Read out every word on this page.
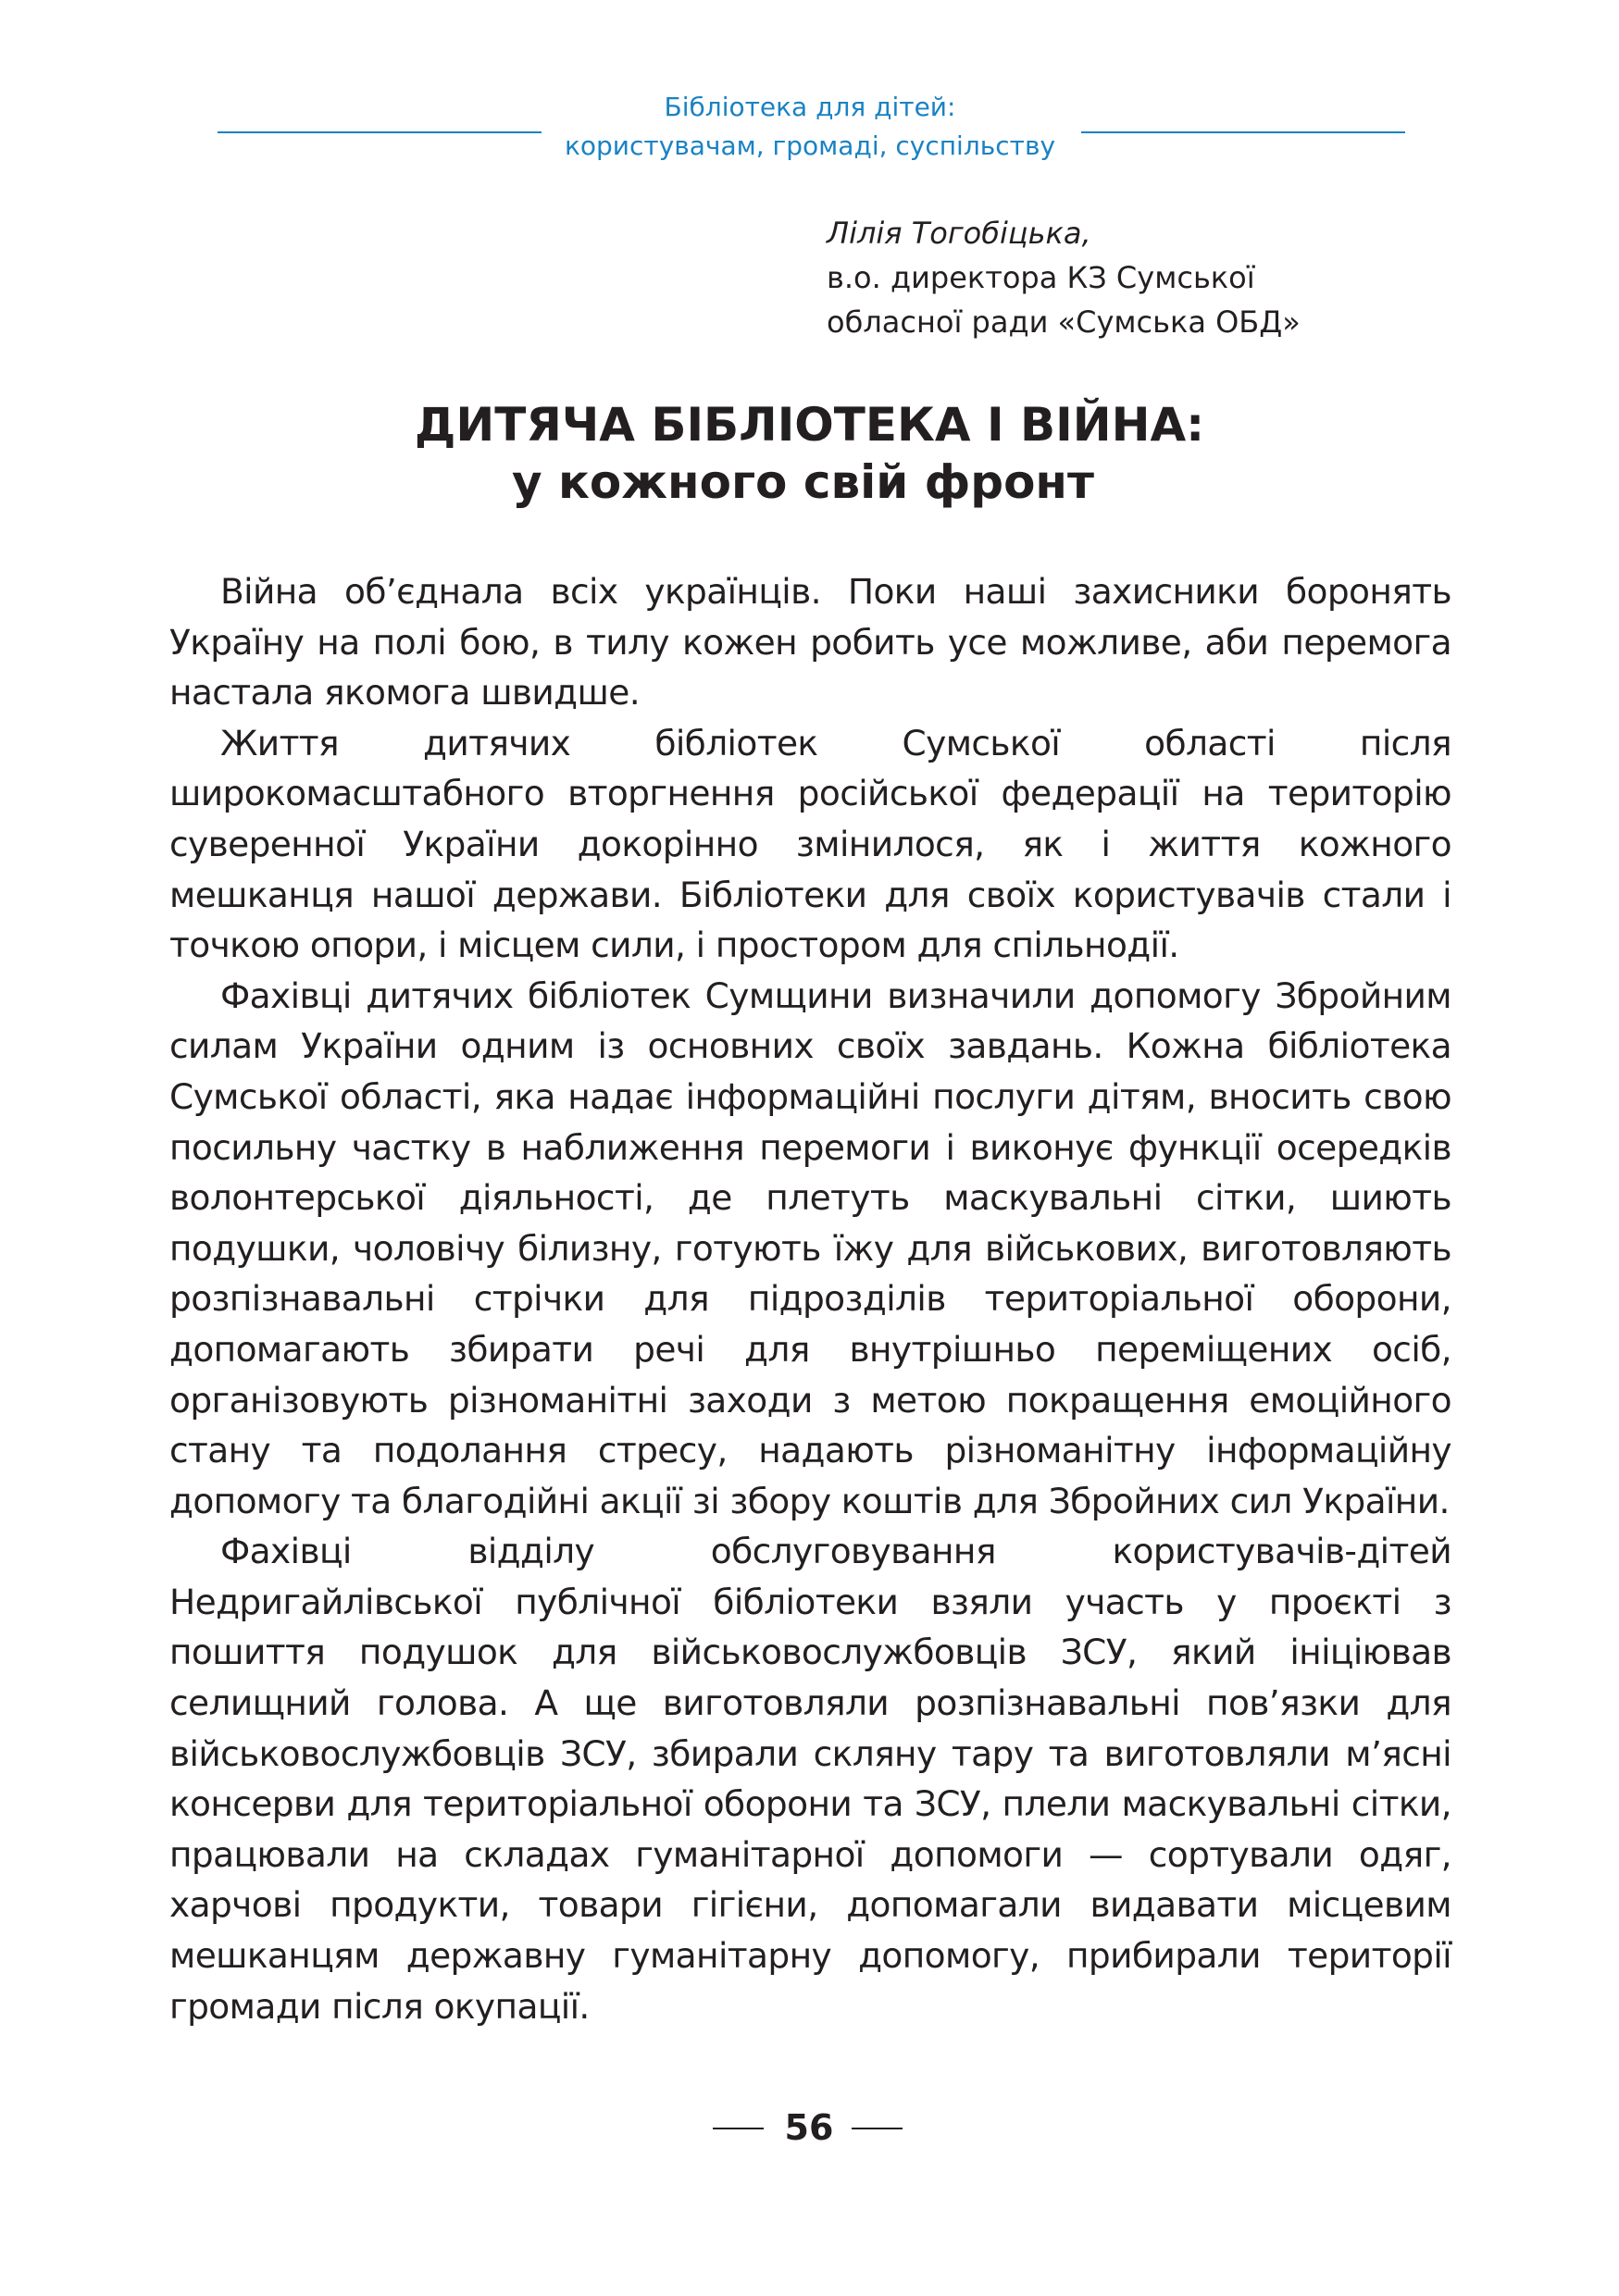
Бібліотека для дітей:
користувачам, громаді, суспільству
Лілія Тогобіцька,
в.о. директора КЗ Сумської
обласної ради «Сумська ОБД»
ДИТЯЧА БІБЛІОТЕКА І ВІЙНА:
у кожного свій фронт

Війна об’єднала всіх українців. Поки наші захисники боронять Україну на полі бою, в тилу кожен робить усе можливе, аби перемога настала якомога швидше.

Життя дитячих бібліотек Сумської області після широкомасштабного вторгнення російської федерації на територію суверенної України докорінно змінилося, як і життя кожного мешканця нашої держави. Бібліотеки для своїх користувачів стали і точкою опори, і місцем сили, і простором для спільнодії.

Фахівці дитячих бібліотек Сумщини визначили допомогу Збройним силам України одним із основних своїх завдань. Кожна бібліотека Сумської області, яка надає інформаційні послуги дітям, вносить свою посильну частку в наближення перемоги і виконує функції осередків волонтерської діяльності, де плетуть маскувальні сітки, шиють подушки, чоловічу білизну, готують їжу для військових, виготовляють розпізнавальні стрічки для підрозділів територіальної оборони, допомагають збирати речі для внутрішньо переміщених осіб, організовують різноманітні заходи з метою покращення емоційного стану та подолання стресу, надають різноманітну інформаційну допомогу та благодійні акції зі збору коштів для Збройних сил України.

Фахівці відділу обслуговування користувачів-дітей Недригайлівської публічної бібліотеки взяли участь у проєкті з пошиття подушок для військовослужбовців ЗСУ, який ініціював селищний голова. А ще виготовляли розпізнавальні пов’язки для військовослужбовців ЗСУ, збирали скляну тару та виготовляли м’ясні консерви для територіальної оборони та ЗСУ, плели маскувальні сітки, працювали на складах гуманітарної допомоги — сортували одяг, харчові продукти, товари гігієни, допомагали видавати місцевим мешканцям державну гуманітарну допомогу, прибирали території громади після окупації.

56
